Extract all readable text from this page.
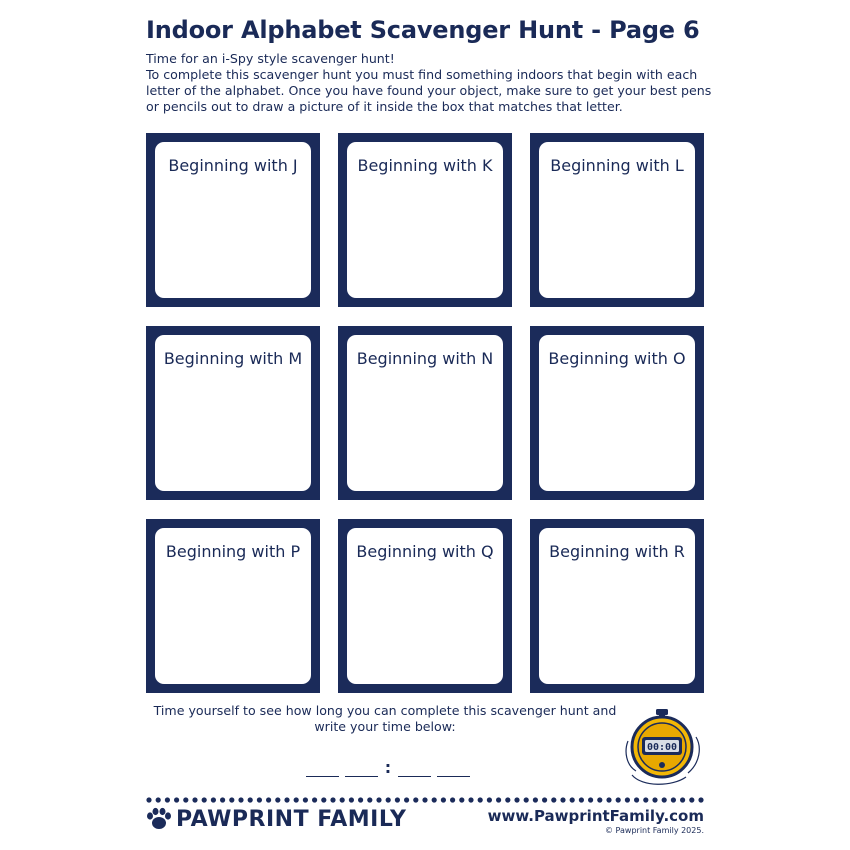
Indoor Alphabet Scavenger Hunt - Page 6

Time for an i-Spy style scavenger hunt!

To complete this scavenger hunt you must find something indoors that begin with each letter of the alphabet. Once you have found your object, make sure to get your best pens or pencils out to draw a picture of it inside the box that matches that letter.

Beginning with J	Beginning with K	Beginning with L
Beginning with M	Beginning with N	Beginning with O
Beginning with P	Beginning with Q	Beginning with R
Time yourself to see how long you can complete this scavenger hunt and write your time below:
:
00:00
PAWPRINT FAMILY	www.PawprintFamily.com
© Pawprint Family 2025.
